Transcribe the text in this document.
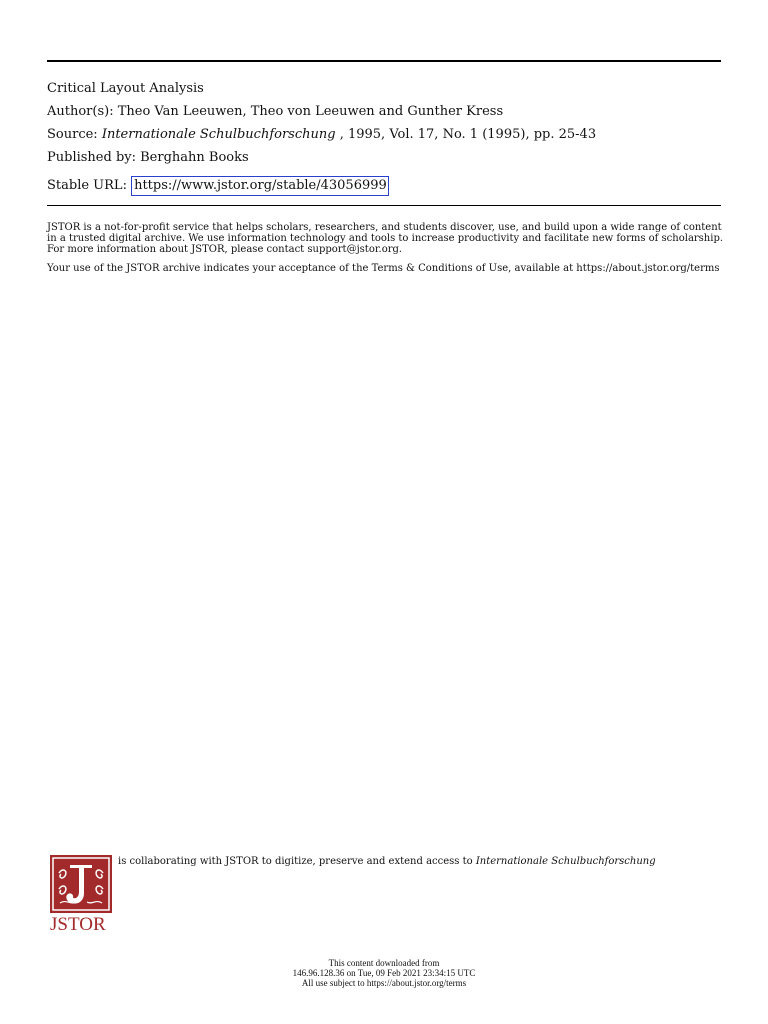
Critical Layout Analysis
Author(s): Theo Van Leeuwen, Theo von Leeuwen and Gunther Kress
Source: Internationale Schulbuchforschung , 1995, Vol. 17, No. 1 (1995), pp. 25-43
Published by: Berghahn Books
Stable URL: https://www.jstor.org/stable/43056999

JSTOR is a not-for-profit service that helps scholars, researchers, and students discover, use, and build upon a wide range of content in a trusted digital archive. We use information technology and tools to increase productivity and facilitate new forms of scholarship. For more information about JSTOR, please contact support@jstor.org.

Your use of the JSTOR archive indicates your acceptance of the Terms & Conditions of Use, available at https://about.jstor.org/terms

JSTOR
is collaborating with JSTOR to digitize, preserve and extend access to Internationale Schulbuchforschung
This content downloaded from
146.96.128.36 on Tue, 09 Feb 2021 23:34:15 UTC
All use subject to https://about.jstor.org/terms
